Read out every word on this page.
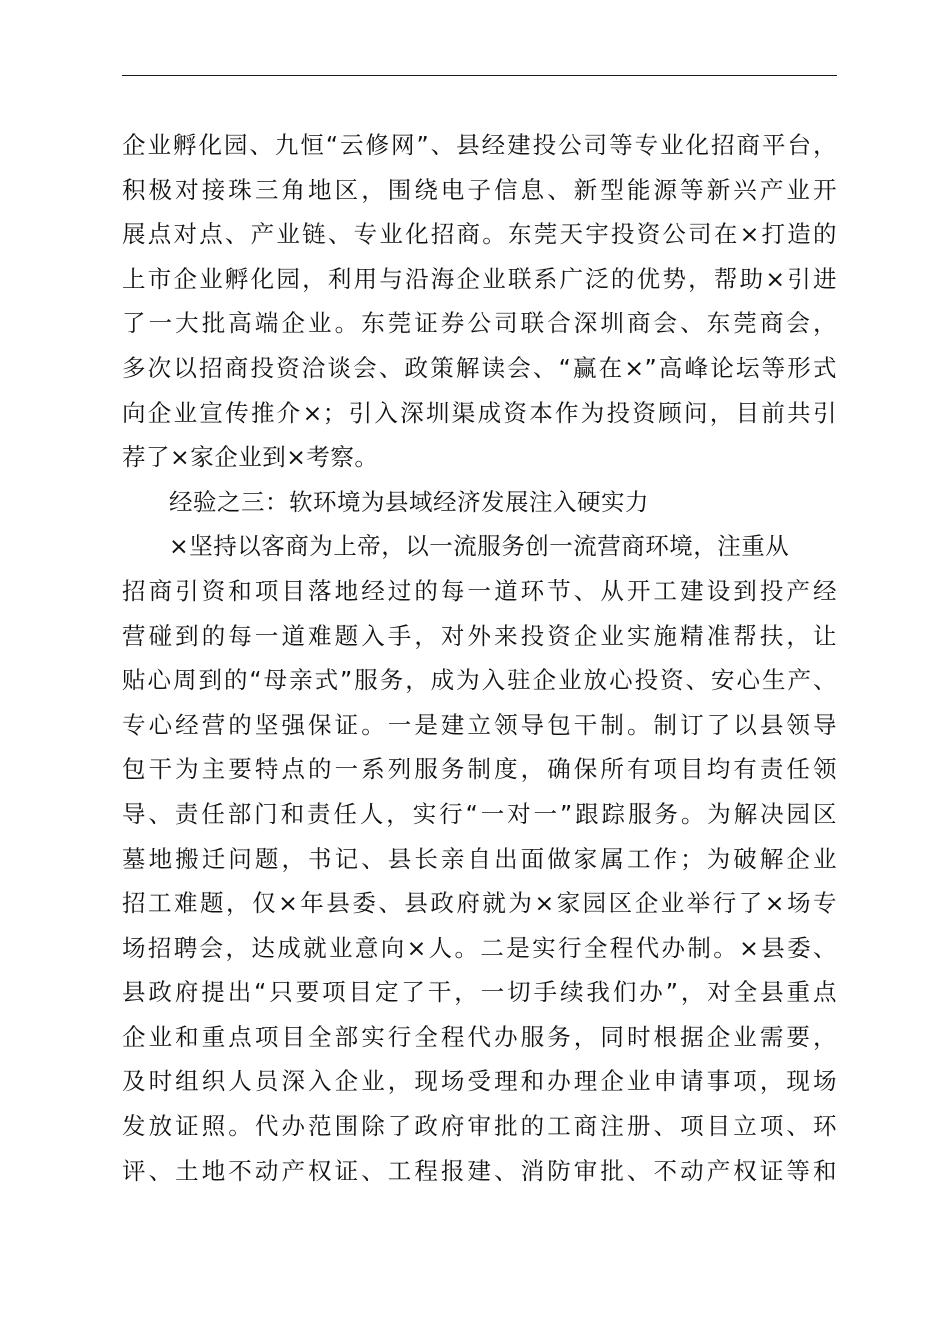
企业孵化园、九恒“云修网”、县经建投公司等专业化招商平台，
积极对接珠三角地区，围绕电子信息、新型能源等新兴产业开
展点对点、产业链、专业化招商。东莞天宇投资公司在×打造的
上市企业孵化园，利用与沿海企业联系广泛的优势，帮助×引进
了一大批高端企业。东莞证券公司联合深圳商会、东莞商会，
多次以招商投资洽谈会、政策解读会、“赢在×”高峰论坛等形式
向企业宣传推介×；引入深圳渠成资本作为投资顾问，目前共引
荐了×家企业到×考察。
经验之三：软环境为县域经济发展注入硬实力
×坚持以客商为上帝，以一流服务创一流营商环境，注重从
招商引资和项目落地经过的每一道环节、从开工建设到投产经
营碰到的每一道难题入手，对外来投资企业实施精准帮扶，让
贴心周到的“母亲式”服务，成为入驻企业放心投资、安心生产、
专心经营的坚强保证。一是建立领导包干制。制订了以县领导
包干为主要特点的一系列服务制度，确保所有项目均有责任领
导、责任部门和责任人，实行“一对一”跟踪服务。为解决园区
墓地搬迁问题，书记、县长亲自出面做家属工作；为破解企业
招工难题，仅×年县委、县政府就为×家园区企业举行了×场专
场招聘会，达成就业意向×人。二是实行全程代办制。×县委、
县政府提出“只要项目定了干，一切手续我们办”，对全县重点
企业和重点项目全部实行全程代办服务，同时根据企业需要，
及时组织人员深入企业，现场受理和办理企业申请事项，现场
发放证照。代办范围除了政府审批的工商注册、项目立项、环
评、土地不动产权证、工程报建、消防审批、不动产权证等和
